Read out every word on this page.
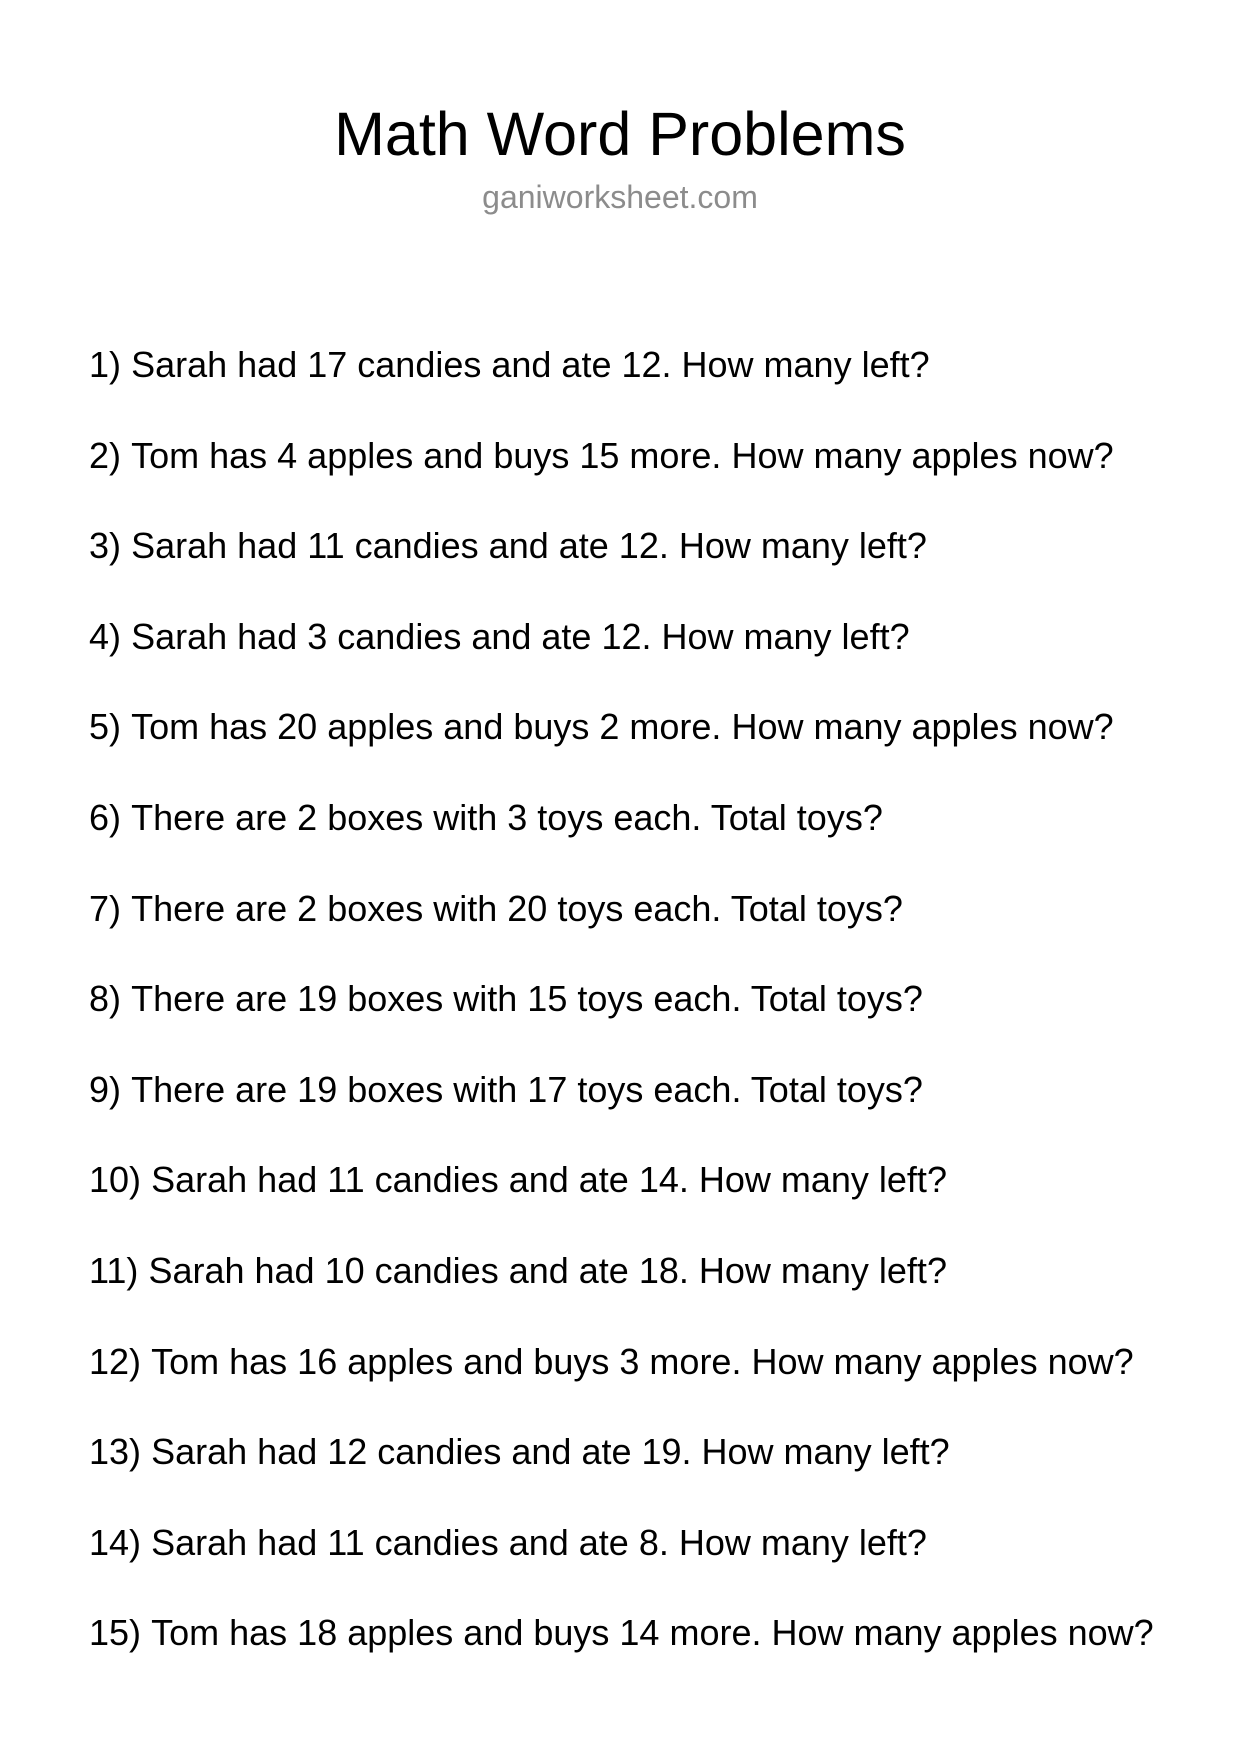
Math Word Problems
ganiworksheet.com
1) Sarah had 17 candies and ate 12. How many left?
2) Tom has 4 apples and buys 15 more. How many apples now?
3) Sarah had 11 candies and ate 12. How many left?
4) Sarah had 3 candies and ate 12. How many left?
5) Tom has 20 apples and buys 2 more. How many apples now?
6) There are 2 boxes with 3 toys each. Total toys?
7) There are 2 boxes with 20 toys each. Total toys?
8) There are 19 boxes with 15 toys each. Total toys?
9) There are 19 boxes with 17 toys each. Total toys?
10) Sarah had 11 candies and ate 14. How many left?
11) Sarah had 10 candies and ate 18. How many left?
12) Tom has 16 apples and buys 3 more. How many apples now?
13) Sarah had 12 candies and ate 19. How many left?
14) Sarah had 11 candies and ate 8. How many left?
15) Tom has 18 apples and buys 14 more. How many apples now?
